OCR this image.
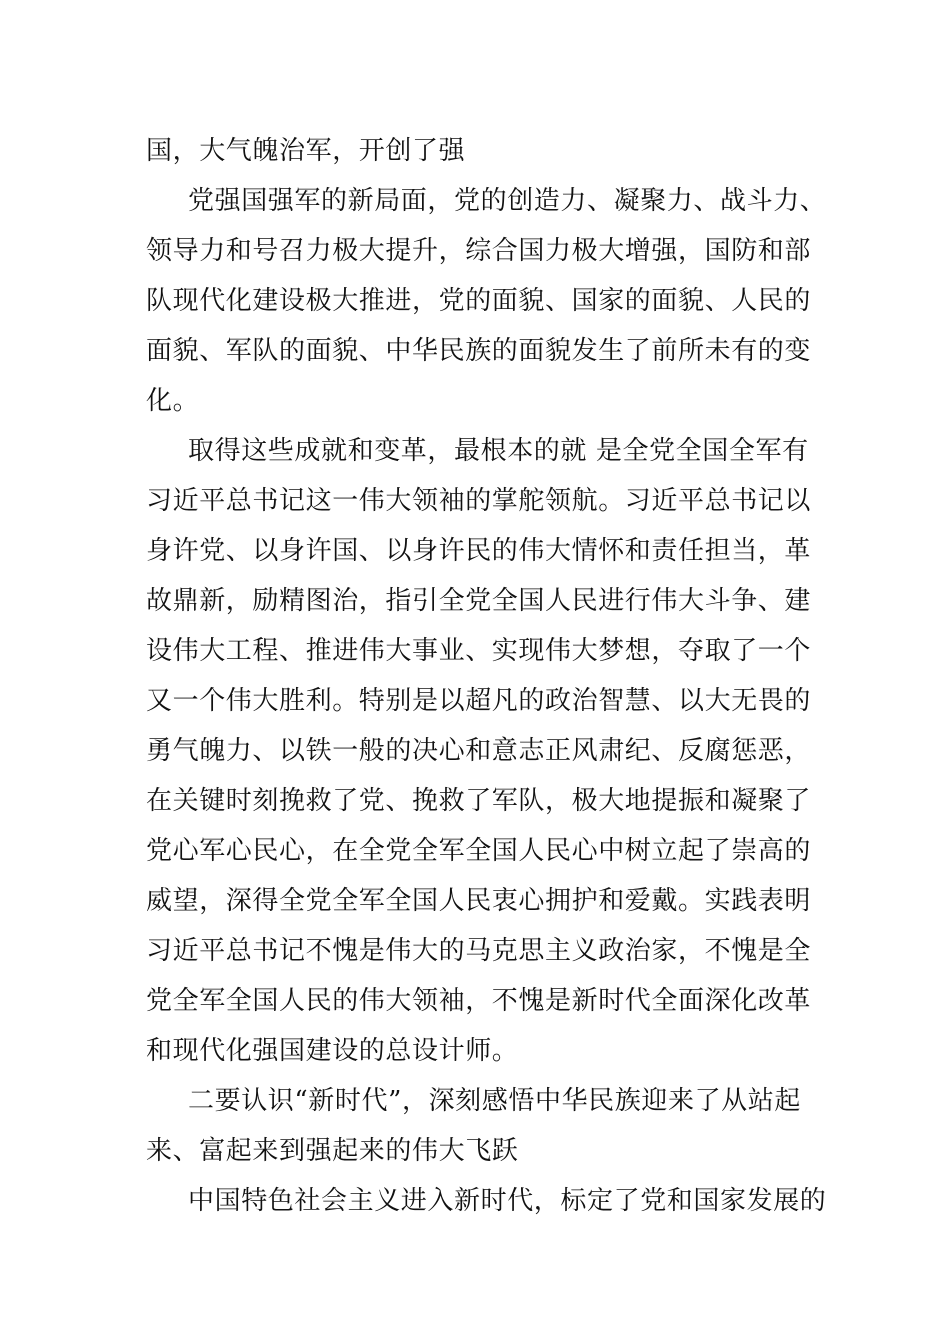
国，大气魄治军，开创了强
党强国强军的新局面，党的创造力、凝聚力、战斗力、
领导力和号召力极大提升，综合国力极大增强，国防和部
队现代化建设极大推进，党的面貌、国家的面貌、人民的
面貌、军队的面貌、中华民族的面貌发生了前所未有的变
化。
取得这些成就和变革，最根本的就 是全党全国全军有
习近平总书记这一伟大领袖的掌舵领航。习近平总书记以
身许党、以身许国、以身许民的伟大情怀和责任担当，革
故鼎新，励精图治，指引全党全国人民进行伟大斗争、建
设伟大工程、推进伟大事业、实现伟大梦想，夺取了一个
又一个伟大胜利。特别是以超凡的政治智慧、以大无畏的
勇气魄力、以铁一般的决心和意志正风肃纪、反腐惩恶，
在关键时刻挽救了党、挽救了军队，极大地提振和凝聚了
党心军心民心，在全党全军全国人民心中树立起了崇高的
威望，深得全党全军全国人民衷心拥护和爱戴。实践表明
习近平总书记不愧是伟大的马克思主义政治家，不愧是全
党全军全国人民的伟大领袖，不愧是新时代全面深化改革
和现代化强国建设的总设计师。
二要认识“新时代”，深刻感悟中华民族迎来了从站起
来、富起来到强起来的伟大飞跃
中国特色社会主义进入新时代，标定了党和国家发展的
